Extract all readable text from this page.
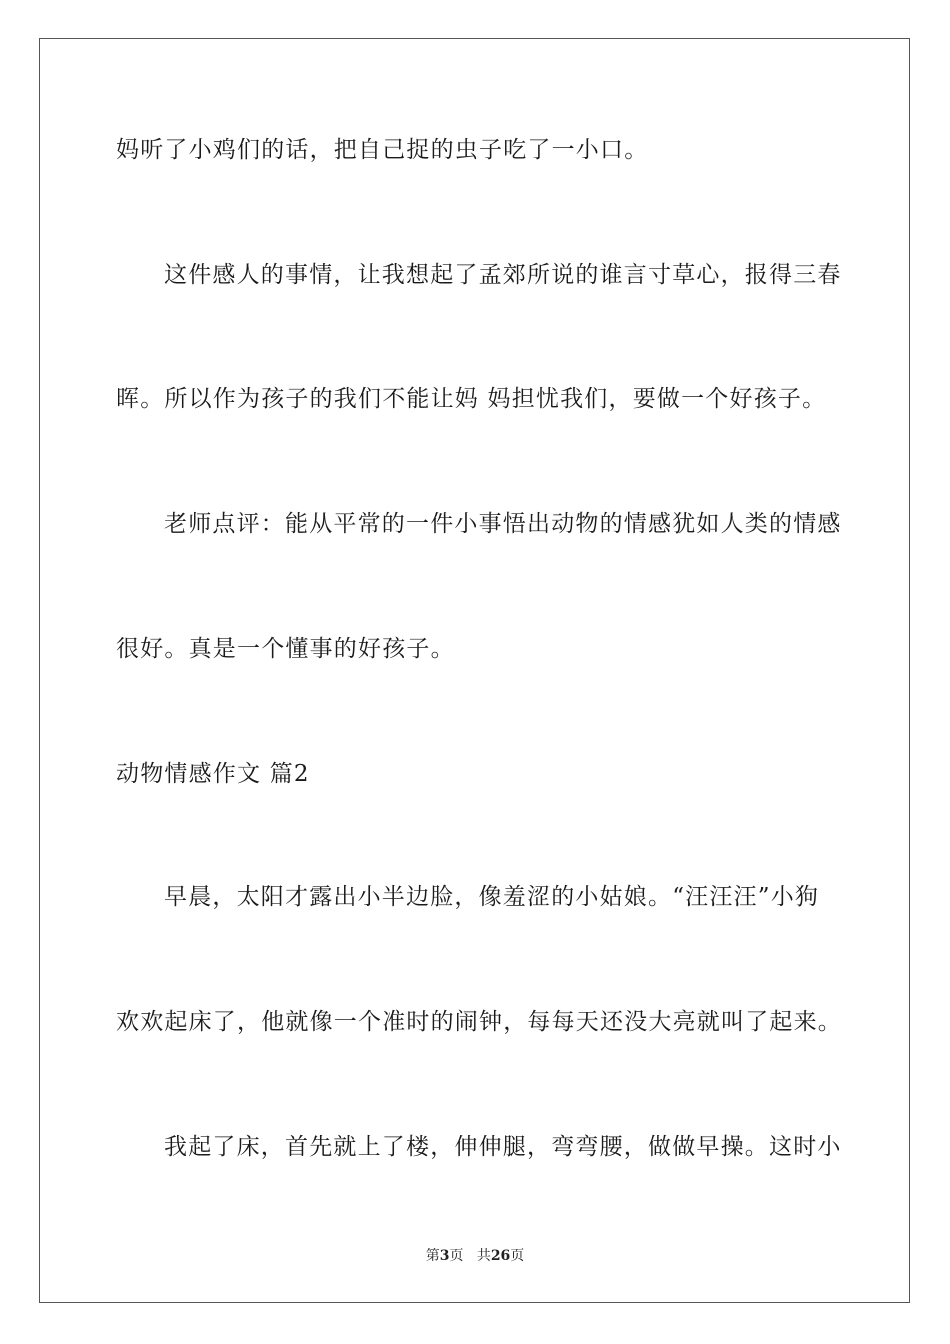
妈听了小鸡们的话，把自己捉的虫子吃了一小口。
这件感人的事情，让我想起了孟郊所说的谁言寸草心，报得三春
晖。所以作为孩子的我们不能让妈 妈担忧我们，要做一个好孩子。
老师点评：能从平常的一件小事悟出动物的情感犹如人类的情感
很好。真是一个懂事的好孩子。
动物情感作文 篇2
早晨，太阳才露出小半边脸，像羞涩的小姑娘。“汪汪汪”小狗
欢欢起床了，他就像一个准时的闹钟，每每天还没大亮就叫了起来。
我起了床，首先就上了楼，伸伸腿，弯弯腰，做做早操。这时小
第3页 共26页
